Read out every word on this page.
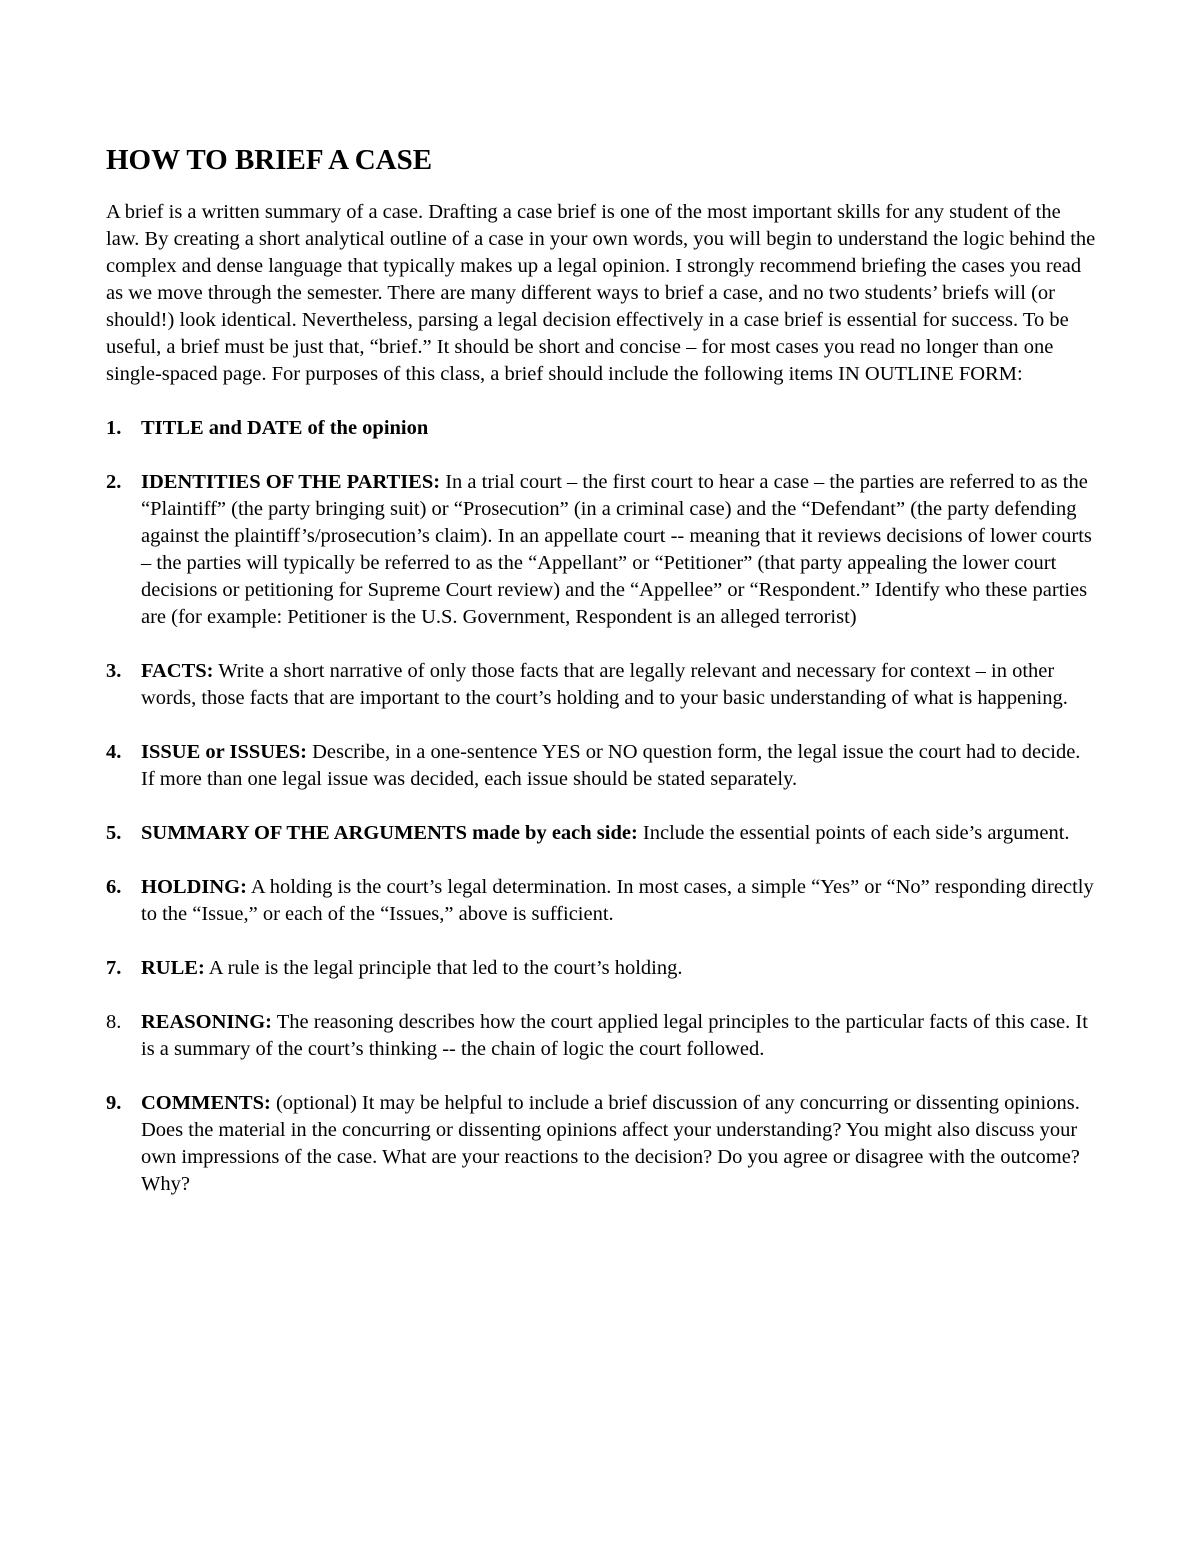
HOW TO BRIEF A CASE

A brief is a written summary of a case. Drafting a case brief is one of the most important skills for any student of the law. By creating a short analytical outline of a case in your own words, you will begin to understand the logic behind the complex and dense language that typically makes up a legal opinion. I strongly recommend briefing the cases you read as we move through the semester. There are many different ways to brief a case, and no two students’ briefs will (or should!) look identical. Nevertheless, parsing a legal decision effectively in a case brief is essential for success. To be useful, a brief must be just that, “brief.” It should be short and concise – for most cases you read no longer than one single-spaced page. For purposes of this class, a brief should include the following items IN OUTLINE FORM:

1. TITLE and DATE of the opinion
2. IDENTITIES OF THE PARTIES: In a trial court – the first court to hear a case – the parties are referred to as the “Plaintiff” (the party bringing suit) or “Prosecution” (in a criminal case) and the “Defendant” (the party defending against the plaintiff’s/prosecution’s claim). In an appellate court -- meaning that it reviews decisions of lower courts – the parties will typically be referred to as the “Appellant” or “Petitioner” (that party appealing the lower court decisions or petitioning for Supreme Court review) and the “Appellee” or “Respondent.” Identify who these parties are (for example: Petitioner is the U.S. Government, Respondent is an alleged terrorist)
3. FACTS: Write a short narrative of only those facts that are legally relevant and necessary for context – in other words, those facts that are important to the court’s holding and to your basic understanding of what is happening.
4. ISSUE or ISSUES: Describe, in a one-sentence YES or NO question form, the legal issue the court had to decide. If more than one legal issue was decided, each issue should be stated separately.
5. SUMMARY OF THE ARGUMENTS made by each side: Include the essential points of each side’s argument.
6. HOLDING: A holding is the court’s legal determination. In most cases, a simple “Yes” or “No” responding directly to the “Issue,” or each of the “Issues,” above is sufficient.
7. RULE: A rule is the legal principle that led to the court’s holding.
8. REASONING: The reasoning describes how the court applied legal principles to the particular facts of this case. It is a summary of the court’s thinking -- the chain of logic the court followed.
9. COMMENTS: (optional) It may be helpful to include a brief discussion of any concurring or dissenting opinions. Does the material in the concurring or dissenting opinions affect your understanding? You might also discuss your own impressions of the case. What are your reactions to the decision? Do you agree or disagree with the outcome? Why?
